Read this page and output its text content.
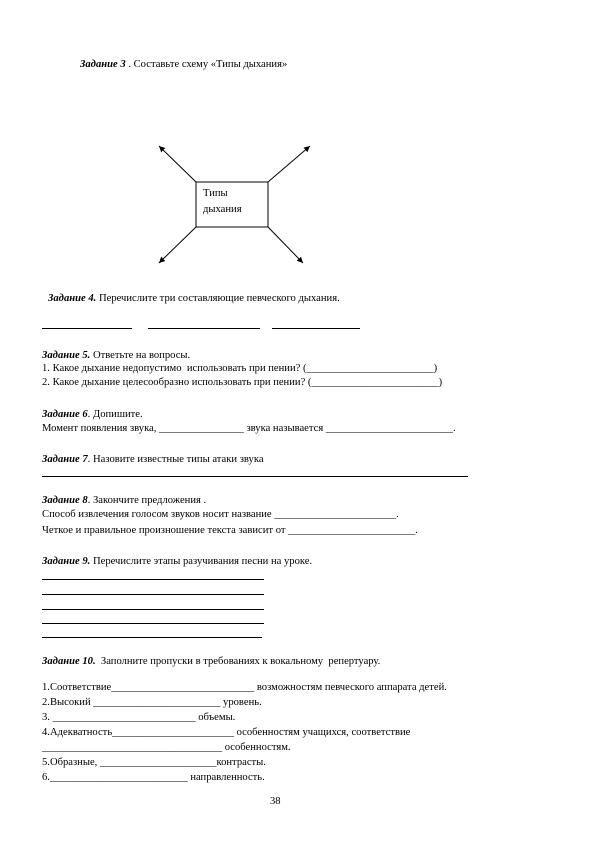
Задание 3 . Составьте схему «Типы дыхания»
Типы
дыхания
Задание 4. Перечислите три составляющие певческого дыхания.
Задание 5. Ответьте на вопросы.
1. Какое дыхание недопустимо  использовать при пении? (________________________)
2. Какое дыхание целесообразно использовать при пении? (________________________)
Задание 6. Допишите.
Момент появления звука, ________________ звука называется ________________________.
Задание 7. Назовите известные типы атаки звука
Задание 8. Закончите предложения .
Способ извлечения голосом звуков носит название _______________________.
Четкое и правильное произношение текста зависит от ________________________.
Задание 9. Перечислите этапы разучивания песни на уроке.
Задание 10.  Заполните пропуски в требованиях к вокальному  репертуару.
1.Соответствие___________________________ возможностям певческого аппарата детей.
2.Высокий ________________________ уровень.
3. ___________________________ объемы.
4.Адекватность_______________________ особенностям учащихся, соответствие
__________________________________ особенностям.
5.Образные, ______________________контрасты.
6.__________________________ направленность.
38
